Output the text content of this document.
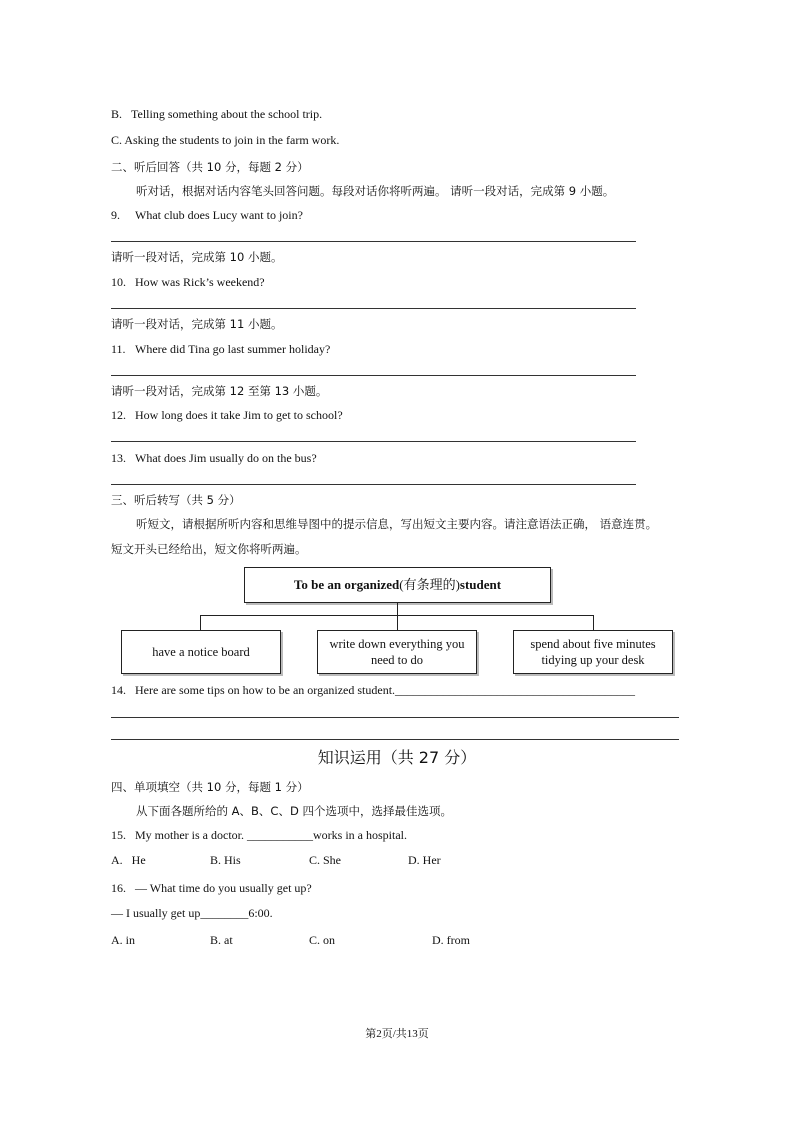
B.   Telling something about the school trip.
C. Asking the students to join in the farm work.
二、听后回答（共 10 分，每题 2 分）
听对话，根据对话内容笔头回答问题。每段对话你将听两遍。 请听一段对话，完成第 9 小题。
9. What club does Lucy want to join?
请听一段对话，完成第 10 小题。
10. How was Rick’s weekend?
请听一段对话，完成第 11 小题。
11. Where did Tina go last summer holiday?
请听一段对话，完成第 12 至第 13 小题。
12. How long does it take Jim to get to school?
13. What does Jim usually do on the bus?
三、听后转写（共 5 分）
听短文，请根据所听内容和思维导图中的提示信息，写出短文主要内容。请注意语法正确， 语意连贯。
短文开头已经给出，短文你将听两遍。
To be an organized (有条理的) student
have a notice board
write down everything you
need to do
spend about five minutes
tidying up your desk
14. Here are some tips on how to be an organized student.________________________________________
知识运用（共 27 分）
四、单项填空（共 10 分，每题 1 分）
从下面各题所给的 A、B、C、D 四个选项中，选择最佳选项。
15. My mother is a doctor. ___________works in a hospital.
A.   He	B. His	C. She	D. Her
16. — What time do you usually get up?
— I usually get up________6:00.
A. in	B. at	C. on	D. from
第2页/共13页
